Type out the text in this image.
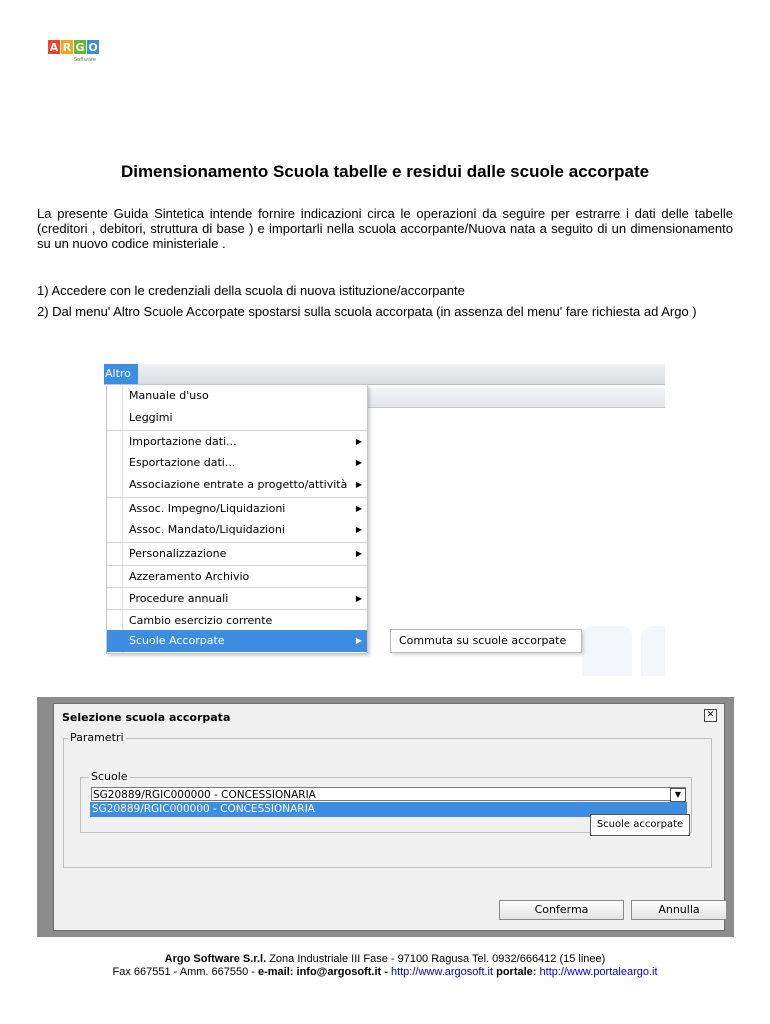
A R G O
Software
Dimensionamento Scuola tabelle e residui dalle scuole accorpate
La presente Guida Sintetica intende fornire indicazioni circa le operazioni da seguire per estrarre i dati delle tabelle (creditori , debitori, struttura di base ) e importarli nella scuola accorpante/Nuova nata a seguito di un dimensionamento su un nuovo codice ministeriale .
1) Accedere con le credenziali della scuola di nuova istituzione/accorpante
2) Dal menu' Altro Scuole Accorpate spostarsi sulla scuola accorpata (in assenza del menu' fare richiesta ad Argo )
Altro
Manuale d'uso
Leggimi
Importazione dati...	▶
Esportazione dati...	▶
Associazione entrate a progetto/attività ▶
Assoc. Impegno/Liquidazioni	▶
Assoc. Mandato/Liquidazioni	▶
Personalizzazione	▶
Azzeramento Archivio
Procedure annuali	▶
Cambio esercizio corrente
Scuole Accorpate	▶	Commuta su scuole accorpate
Selezione scuola accorpata	✕
Parametri
Scuole
SG20889/RGIC000000 - CONCESSIONARIA	▼
SG20889/RGIC000000 - CONCESSIONARIA
Scuole accorpate
Conferma	Annulla
Argo Software S.r.l. Zona Industriale III Fase - 97100 Ragusa Tel. 0932/666412 (15 linee)
Fax 667551 - Amm. 667550 - e-mail: info@argosoft.it - http://www.argosoft.it portale: http://www.portaleargo.it
